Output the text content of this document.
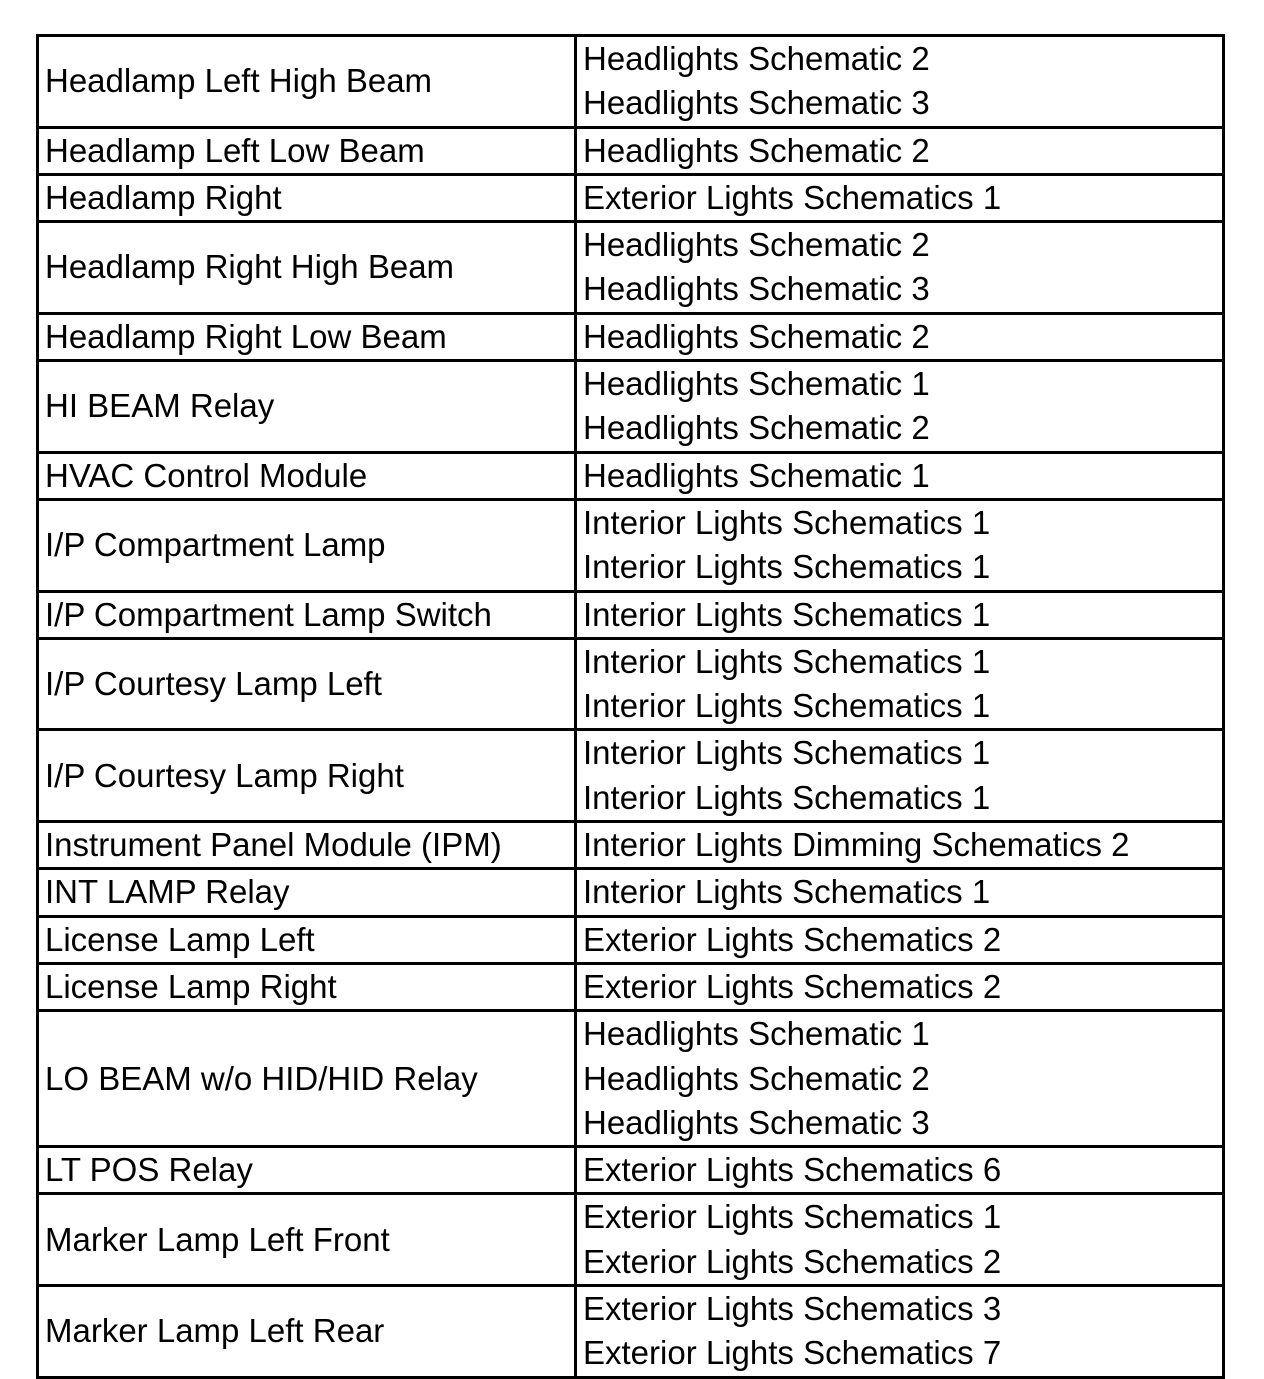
Headlamp Left High Beam	Headlights Schematic 2
Headlights Schematic 3

Headlamp Left Low Beam	Headlights Schematic 2

Headlamp Right	Exterior Lights Schematics 1

Headlamp Right High Beam	Headlights Schematic 2
Headlights Schematic 3

Headlamp Right Low Beam	Headlights Schematic 2

HI BEAM Relay	Headlights Schematic 1
Headlights Schematic 2

HVAC Control Module	Headlights Schematic 1

I/P Compartment Lamp	Interior Lights Schematics 1
Interior Lights Schematics 1

I/P Compartment Lamp Switch	Interior Lights Schematics 1

I/P Courtesy Lamp Left	Interior Lights Schematics 1
Interior Lights Schematics 1

I/P Courtesy Lamp Right	Interior Lights Schematics 1
Interior Lights Schematics 1

Instrument Panel Module (IPM)	Interior Lights Dimming Schematics 2

INT LAMP Relay	Interior Lights Schematics 1

License Lamp Left	Exterior Lights Schematics 2

License Lamp Right	Exterior Lights Schematics 2

LO BEAM w/o HID/HID Relay	Headlights Schematic 1
Headlights Schematic 2
Headlights Schematic 3

LT POS Relay	Exterior Lights Schematics 6

Marker Lamp Left Front	Exterior Lights Schematics 1
Exterior Lights Schematics 2

Marker Lamp Left Rear	Exterior Lights Schematics 3
Exterior Lights Schematics 7
